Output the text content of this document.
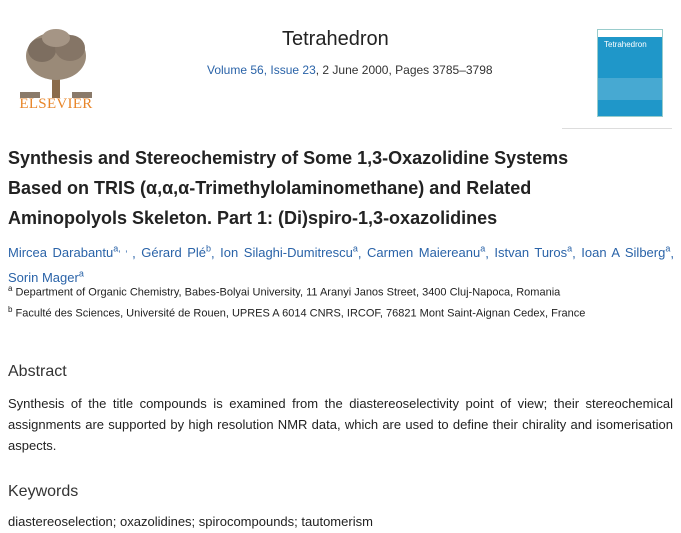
ELSEVIER
Tetrahedron
Volume 56, Issue 23, 2 June 2000, Pages 3785–3798
Tetrahedron
Synthesis and Stereochemistry of Some 1,3-Oxazolidine Systems
Based on TRIS (α,α,α-Trimethylolaminomethane) and Related
Aminopolyols Skeleton. Part 1: (Di)spiro-1,3-oxazolidines
Mircea Darabantu$^{a, ,}$ , Gérard Plé$^b$, Ion Silaghi-Dumitrescu$^a$, Carmen Maiereanu$^a$, Istvan Turos$^a$, Ioan A Silberg$^a$, Sorin Mager$^a$
$^a$ Department of Organic Chemistry, Babes-Bolyai University, 11 Aranyi Janos Street, 3400 Cluj-Napoca, Romania
$^b$ Faculté des Sciences, Université de Rouen, UPRES A 6014 CNRS, IRCOF, 76821 Mont Saint-Aignan Cedex, France
Abstract
Synthesis of the title compounds is examined from the diastereoselectivity point of view; their stereochemical assignments are supported by high resolution NMR data, which are used to define their chirality and isomerisation aspects.
Keywords
diastereoselection; oxazolidines; spirocompounds; tautomerism
